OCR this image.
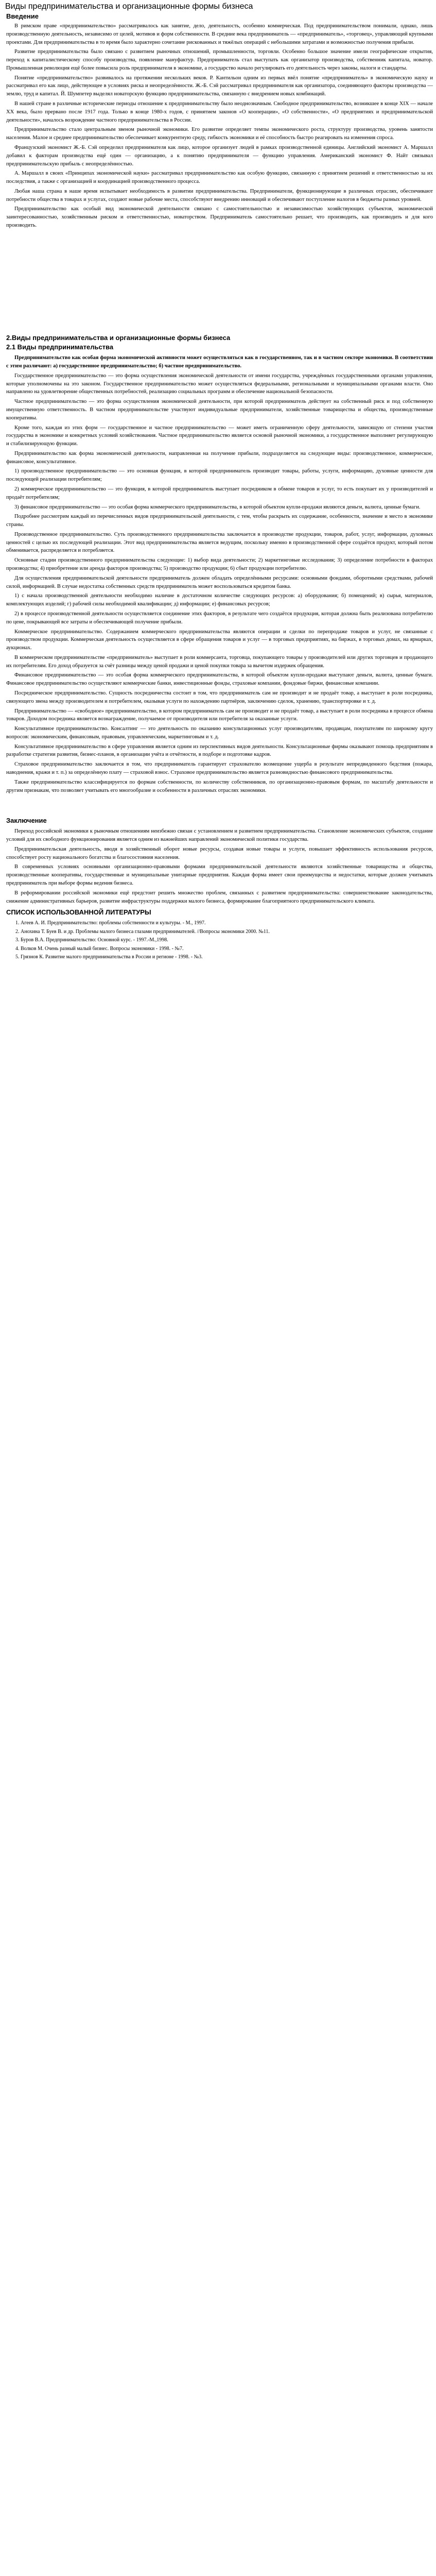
Виды предпринимательства и организационные формы бизнеса
Введение

В римском праве «предпринимательство» рассматривалось как занятие, дело, деятельность, особенно коммерческая. Под предпринимательством понимали, однако, лишь производственную деятельность, независимо от целей, мотивов и форм собственности. В средние века предприниматель — «предприниматель», «торговец», управляющий крупными проектами. Для предпринимательства в то время было характерно сочетание рискованных и тяжёлых операций с небольшими затратами и возможностью получения прибыли.

Развитие предпринимательства было связано с развитием рыночных отношений, промышленности, торговли. Особенно большое значение имели географические открытия, переход к капиталистическому способу производства, появление мануфактур. Предприниматель стал выступать как организатор производства, собственник капитала, новатор. Промышленная революция ещё более повысила роль предпринимателя в экономике, а государство начало регулировать его деятельность через законы, налоги и стандарты.

Понятие «предпринимательство» развивалось на протяжении нескольких веков. Р. Кантильон одним из первых ввёл понятие «предприниматель» в экономическую науку и рассматривал его как лицо, действующее в условиях риска и неопределённости. Ж.-Б. Сэй рассматривал предпринимателя как организатора, соединяющего факторы производства — землю, труд и капитал. Й. Шумпетер выделял новаторскую функцию предпринимательства, связанную с внедрением новых комбинаций.

В нашей стране в различные исторические периоды отношение к предпринимательству было неоднозначным. Свободное предпринимательство, возникшее в конце XIX — начале XX века, было прервано после 1917 года. Только в конце 1980-х годов, с принятием законов «О кооперации», «О собственности», «О предприятиях и предпринимательской деятельности», началось возрождение частного предпринимательства в России.

Предпринимательство стало центральным звеном рыночной экономики. Его развитие определяет темпы экономического роста, структуру производства, уровень занятости населения. Малое и среднее предпринимательство обеспечивает конкурентную среду, гибкость экономики и её способность быстро реагировать на изменения спроса.

Французский экономист Ж.-Б. Сэй определил предпринимателя как лицо, которое организует людей в рамках производственной единицы. Английский экономист А. Маршалл добавил к факторам производства ещё один — организацию, а к понятию предпринимателя — функцию управления. Американский экономист Ф. Найт связывал предпринимательскую прибыль с неопределённостью.

А. Маршалл в своих «Принципах экономической науки» рассматривал предпринимательство как особую функцию, связанную с принятием решений и ответственностью за их последствия, а также с организацией и координацией производственного процесса.

Любая наша страна в наше время испытывает необходимость в развитии предпринимательства. Предприниматели, функционирующие в различных отраслях, обеспечивают потребности общества в товарах и услугах, создают новые рабочие места, способствуют внедрению инноваций и обеспечивают поступление налогов в бюджеты разных уровней.

Предпринимательство как особый вид экономической деятельности связано с самостоятельностью и независимостью хозяйствующих субъектов, экономической заинтересованностью, хозяйственным риском и ответственностью, новаторством. Предприниматель самостоятельно решает, что производить, как производить и для кого производить.

2.Виды предпринимательства и организационные формы бизнеса
2.1 Виды предпринимательства

Предпринимательство как особая форма экономической активности может осуществляться как в государственном, так и в частном секторе экономики. В соответствии с этим различают: а) государственное предпринимательство; б) частное предпринимательство.

Государственное предпринимательство — это форма осуществления экономической деятельности от имени государства, учреждённых государственными органами управления, которые уполномочены на это законом. Государственное предпринимательство может осуществляться федеральными, региональными и муниципальными органами власти. Оно направлено на удовлетворение общественных потребностей, реализацию социальных программ и обеспечение национальной безопасности.

Частное предпринимательство — это форма осуществления экономической деятельности, при которой предприниматель действует на собственный риск и под собственную имущественную ответственность. В частном предпринимательстве участвуют индивидуальные предприниматели, хозяйственные товарищества и общества, производственные кооперативы.

Кроме того, каждая из этих форм — государственное и частное предпринимательство — может иметь ограниченную сферу деятельности, зависящую от степени участия государства в экономике и конкретных условий хозяйствования. Частное предпринимательство является основой рыночной экономики, а государственное выполняет регулирующую и стабилизирующую функции.

Предпринимательство как форма экономической деятельности, направленная на получение прибыли, подразделяется на следующие виды: производственное, коммерческое, финансовое, консультативное.

1) производственное предпринимательство — это основная функция, в которой предприниматель производит товары, работы, услуги, информацию, духовные ценности для последующей реализации потребителям;

2) коммерческое предпринимательство — это функция, в которой предприниматель выступает посредником в обмене товаров и услуг, то есть покупает их у производителей и продаёт потребителям;

3) финансовое предпринимательство — это особая форма коммерческого предпринимательства, в которой объектом купли-продажи являются деньги, валюта, ценные бумаги.

Подробнее рассмотрим каждый из перечисленных видов предпринимательской деятельности, с тем, чтобы раскрыть их содержание, особенности, значение и место в экономике страны.

Производственное предпринимательство. Суть производственного предпринимательства заключается в производстве продукции, товаров, работ, услуг, информации, духовных ценностей с целью их последующей реализации. Этот вид предпринимательства является ведущим, поскольку именно в производственной сфере создаётся продукт, который потом обменивается, распределяется и потребляется.

Основные стадии производственного предпринимательства следующие: 1) выбор вида деятельности; 2) маркетинговые исследования; 3) определение потребности в факторах производства; 4) приобретение или аренда факторов производства; 5) производство продукции; 6) сбыт продукции потребителю.

Для осуществления предпринимательской деятельности предприниматель должен обладать определёнными ресурсами: основными фондами, оборотными средствами, рабочей силой, информацией. В случае недостатка собственных средств предприниматель может воспользоваться кредитом банка.

1) с начала производственной деятельности необходимо наличие в достаточном количестве следующих ресурсов: а) оборудования; б) помещений; в) сырья, материалов, комплектующих изделий; г) рабочей силы необходимой квалификации; д) информации; е) финансовых ресурсов;

2) в процессе производственной деятельности осуществляется соединение этих факторов, в результате чего создаётся продукция, которая должна быть реализована потребителю по цене, покрывающей все затраты и обеспечивающей получение прибыли.

Коммерческое предпринимательство. Содержанием коммерческого предпринимательства являются операции и сделки по перепродаже товаров и услуг, не связанные с производством продукции. Коммерческая деятельность осуществляется в сфере обращения товаров и услуг — в торговых предприятиях, на биржах, в торговых домах, на ярмарках, аукционах.

В коммерческом предпринимательстве «предприниматель» выступает в роли коммерсанта, торговца, покупающего товары у производителей или других торговцев и продающего их потребителям. Его доход образуется за счёт разницы между ценой продажи и ценой покупки товара за вычетом издержек обращения.

Финансовое предпринимательство — это особая форма коммерческого предпринимательства, в которой объектом купли-продажи выступают деньги, валюта, ценные бумаги. Финансовое предпринимательство осуществляют коммерческие банки, инвестиционные фонды, страховые компании, фондовые биржи, финансовые компании.

Посредническое предпринимательство. Сущность посредничества состоит в том, что предприниматель сам не производит и не продаёт товар, а выступает в роли посредника, связующего звена между производителем и потребителем, оказывая услуги по нахождению партнёров, заключению сделок, хранению, транспортировке и т. д.

Предпринимательство — «свободное» предпринимательство, в котором предприниматель сам не производит и не продаёт товар, а выступает в роли посредника в процессе обмена товаров. Доходом посредника является вознаграждение, получаемое от производителя или потребителя за оказанные услуги.

Консультативное предпринимательство. Консалтинг — это деятельность по оказанию консультационных услуг производителям, продавцам, покупателям по широкому кругу вопросов: экономическим, финансовым, правовым, управленческим, маркетинговым и т. д.

Консультативное предпринимательство в сфере управления является одним из перспективных видов деятельности. Консультационные фирмы оказывают помощь предприятиям в разработке стратегии развития, бизнес-планов, в организации учёта и отчётности, в подборе и подготовке кадров.

Страховое предпринимательство заключается в том, что предприниматель гарантирует страхователю возмещение ущерба в результате непредвиденного бедствия (пожара, наводнения, кражи и т. п.) за определённую плату — страховой взнос. Страховое предпринимательство является разновидностью финансового предпринимательства.

Также предпринимательство классифицируется по формам собственности, по количеству собственников, по организационно-правовым формам, по масштабу деятельности и другим признакам, что позволяет учитывать его многообразие и особенности в различных отраслях экономики.

Заключение

Переход российской экономики к рыночным отношениям неизбежно связан с установлением и развитием предпринимательства. Становление экономических субъектов, создание условий для их свободного функционирования является одним из важнейших направлений экономической политики государства.

Предпринимательская деятельность, вводя в хозяйственный оборот новые ресурсы, создавая новые товары и услуги, повышает эффективность использования ресурсов, способствует росту национального богатства и благосостояния населения.

В современных условиях основными организационно-правовыми формами предпринимательской деятельности являются хозяйственные товарищества и общества, производственные кооперативы, государственные и муниципальные унитарные предприятия. Каждая форма имеет свои преимущества и недостатки, которые должен учитывать предприниматель при выборе формы ведения бизнеса.

В реформировании российской экономики ещё предстоит решить множество проблем, связанных с развитием предпринимательства: совершенствование законодательства, снижение административных барьеров, развитие инфраструктуры поддержки малого бизнеса, формирование благоприятного предпринимательского климата.

СПИСОК ИСПОЛЬЗОВАННОЙ ЛИТЕРАТУРЫ
1. Агеев А. И. Предпринимательство: проблемы собственности и культуры. - М., 1997.
2. Анохина Т. Буев В. и др. Проблемы малого бизнеса глазами предпринимателей. //Вопросы экономики 2000. №11.
3. Буров В.А. Предпринимательство: Основной курс. - 1997.-М.,1998.
4. Волков М. Очень разный малый бизнес. Вопросы экономики - 1998. - №7.
5. Грязнов К. Развитие малого предпринимательства в России и регионе - 1998. - №3.
